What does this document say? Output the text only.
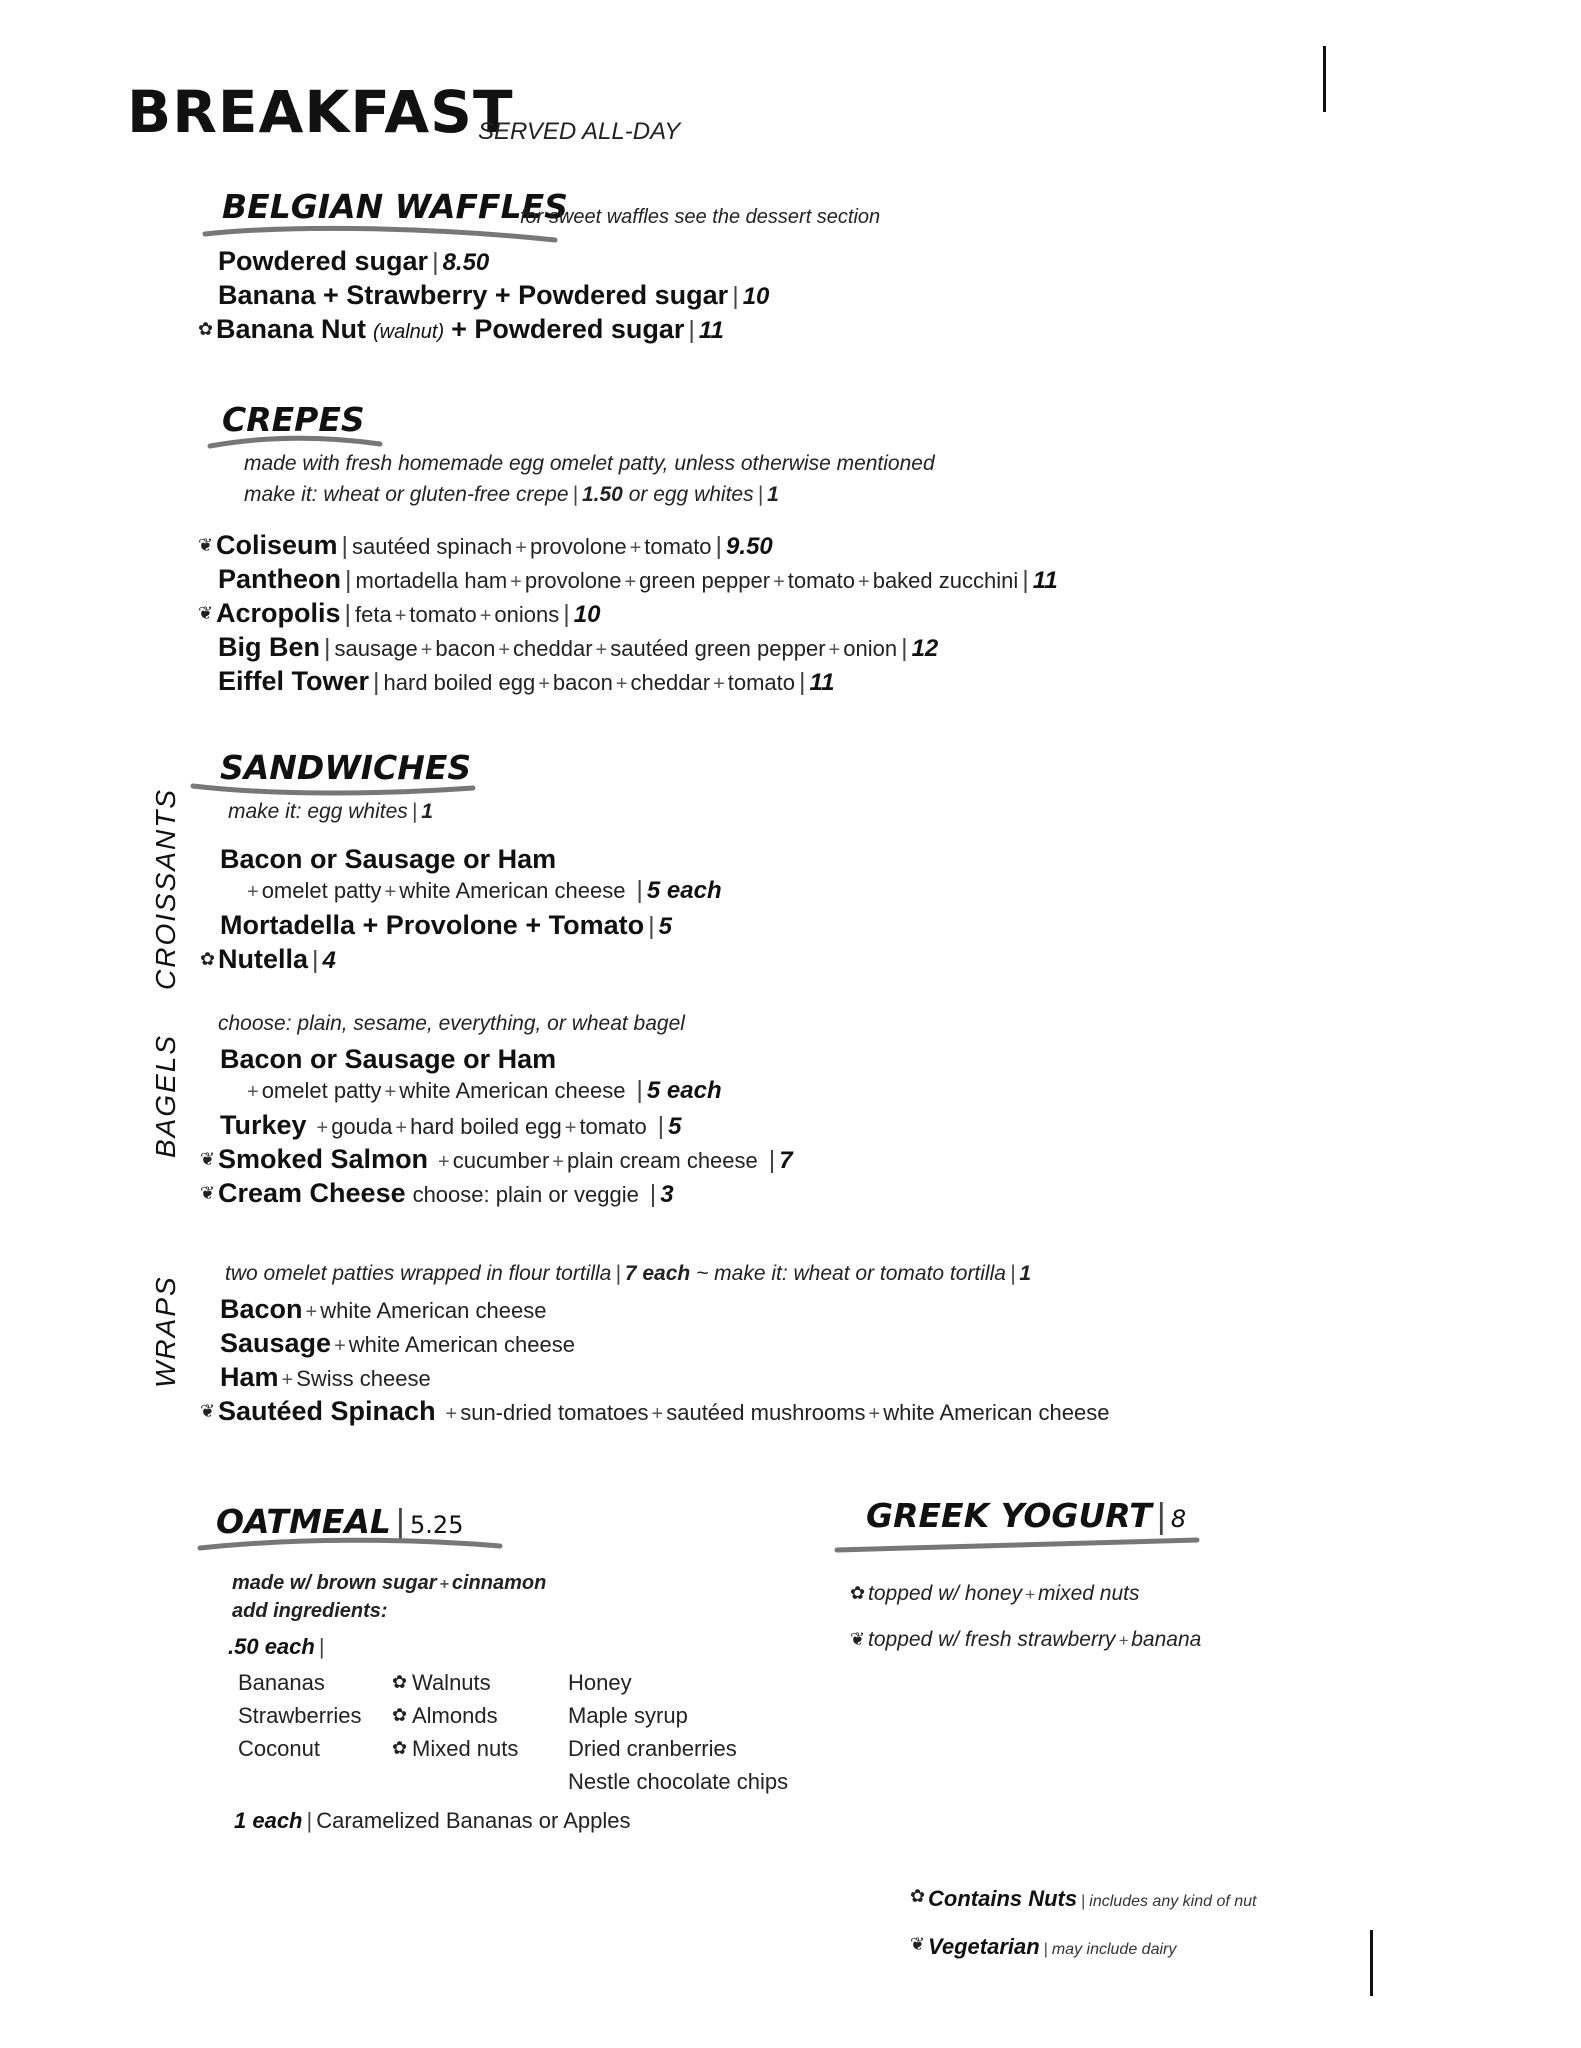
BREAKFAST
SERVED ALL-DAY
BELGIAN WAFFLES
for sweet waffles see the dessert section
Powdered sugar | 8.50
Banana + Strawberry + Powdered sugar | 10
✿ Banana Nut (walnut) + Powdered sugar | 11
CREPES
made with fresh homemade egg omelet patty, unless otherwise mentioned
make it: wheat or gluten-free crepe | 1.50 or egg whites | 1
❦ Coliseum | sautéed spinach + provolone + tomato | 9.50
Pantheon | mortadella ham + provolone + green pepper + tomato + baked zucchini | 11
❦ Acropolis | feta + tomato + onions | 10
Big Ben | sausage + bacon + cheddar + sautéed green pepper + onion | 12
Eiffel Tower | hard boiled egg + bacon + cheddar + tomato | 11
SANDWICHES
make it: egg whites | 1
CROISSANTS Bacon or Sausage or Ham
+ omelet patty + white American cheese | 5 each
Mortadella + Provolone + Tomato | 5
✿ Nutella | 4
BAGELS
choose: plain, sesame, everything, or wheat bagel
Bacon or Sausage or Ham
+ omelet patty + white American cheese | 5 each
Turkey + gouda + hard boiled egg + tomato | 5
❦ Smoked Salmon + cucumber + plain cream cheese | 7
❦ Cream Cheese choose: plain or veggie | 3
WRAPS
two omelet patties wrapped in flour tortilla | 7 each ~ make it: wheat or tomato tortilla | 1
Bacon + white American cheese
Sausage + white American cheese
Ham + Swiss cheese
❦ Sautéed Spinach + sun-dried tomatoes + sautéed mushrooms + white American cheese
OATMEAL | 5.25
made w/ brown sugar + cinnamon
add ingredients:
.50 each |
Bananas
Strawberries
Coconut
✿ Walnuts
✿ Almonds
✿ Mixed nuts
Honey
Maple syrup
Dried cranberries
Nestle chocolate chips
1 each | Caramelized Bananas or Apples
GREEK YOGURT | 8
✿ topped w/ honey + mixed nuts
❦ topped w/ fresh strawberry + banana
✿ Contains Nuts | includes any kind of nut
❦ Vegetarian | may include dairy
